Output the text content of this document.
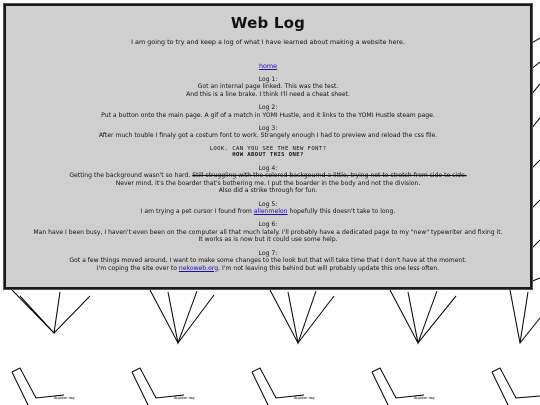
Another day	Another day	Another day	Another day
Web Log
I am going to try and keep a log of what I have learned about making a website here.
home
Log 1:
Got an internal page linked. This was the test.
And this is a line brake. I think I'll need a cheat sheet.
Log 2:
Put a button onto the main page. A gif of a match in YOMI Hustle, and it links to the YOMI Hustle steam page.
Log 3:
After much touble I finaly got a costum font to work. Strangely enough I had to preview and reload the css file.
LOOK. CAN YOU SEE THE NEW FONT?
HOW ABOUT THIS ONE?
Log 4:
Getting the background wasn't so hard. Still struggling with the colored backgournd a little, trying not to stretch from side to side.
Never mind, it's the boarder that's bothering me. I put the boarder in the body and not the division.
Also did a strike through for fun.
Log 5:
I am trying a pet cursor I found from alienmelon hopefully this doesn't take to long.
Log 6:
Man have I been busy, I haven't even been on the computer all that much lately. I'll probably have a dedicated page to my "new" typewriter and fixing it.
It works as is now but it could use some help.
Log 7:
Got a few things moved around, I want to make some changes to the look but that will take time that I don't have at the moment.
I'm coping the site over to nekoweb.org. I'm not leaving this behind but will probably update this one less often.
